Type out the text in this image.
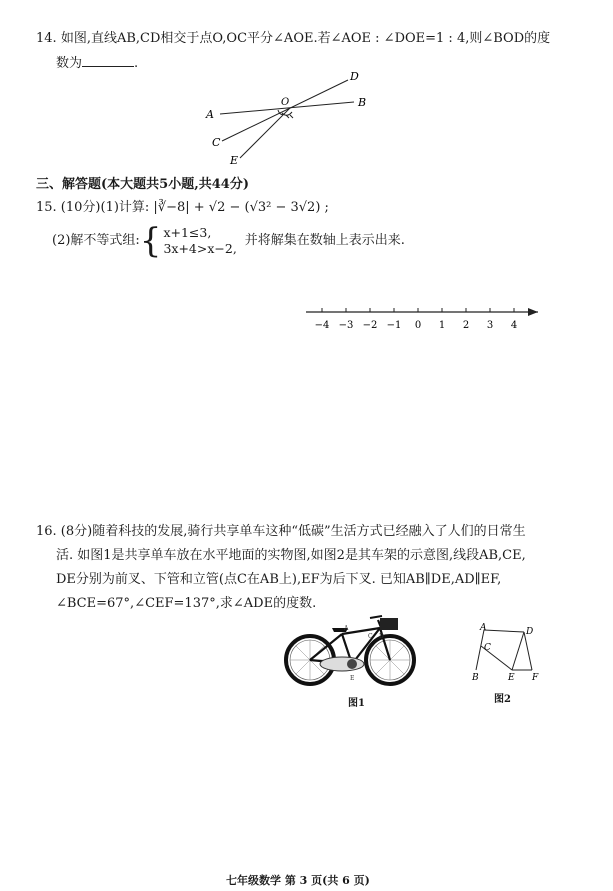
14. 如图,直线AB,CD相交于点O,OC平分∠AOE.若∠AOE : ∠DOE=1 : 4,则∠BOD的度
数为	.
A
B
C
D
E
O
三、解答题(本大题共5小题,共44分)
15. (10分)(1)计算: |∛−8| + √2 − (√3² − 3√2) ;
(2)解不等式组: { x+1≤3,
3x+4>x−2,
并将解集在数轴上表示出来.
−4 −3 −2 −1 0 1 2 3 4
16. (8分)随着科技的发展,骑行共享单车这种“低碳”生活方式已经融入了人们的日常生
活. 如图1是共享单车放在水平地面的实物图,如图2是其车架的示意图,线段AB,CE,
DE分别为前叉、下管和立管(点C在AB上),EF为后下叉. 已知AB∥DE,AD∥EF,
∠BCE=67°,∠CEF=137°,求∠ADE的度数.
E
D
C
A
图1
A	D
C
B	E F
图2
七年级数学 第 3 页(共 6 页)
